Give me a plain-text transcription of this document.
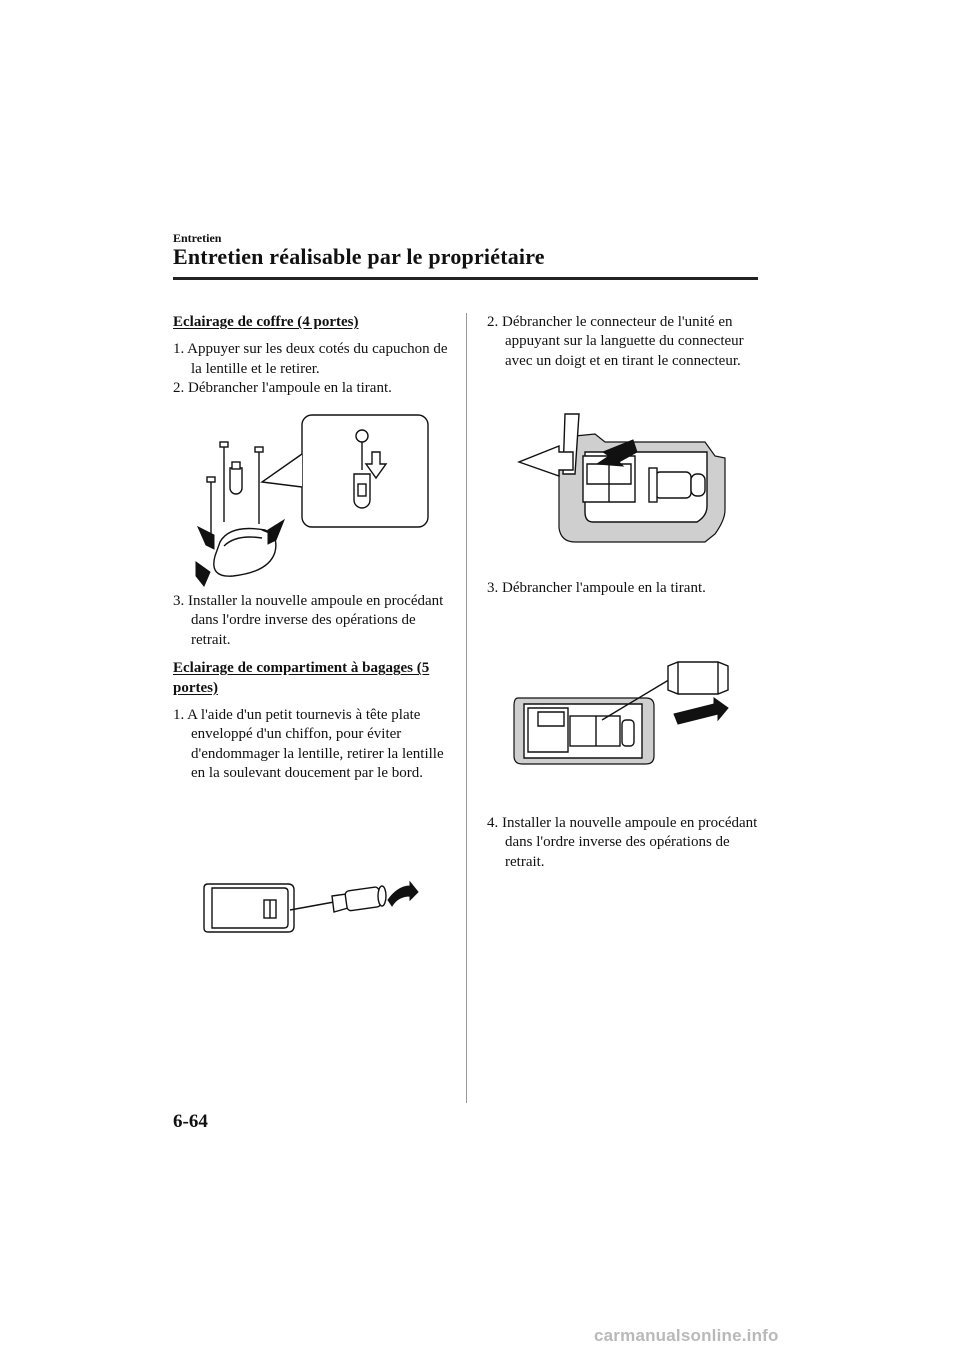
Entretien
Entretien réalisable par le propriétaire

Eclairage de coffre (4 portes)

1. Appuyer sur les deux cotés du capuchon de la lentille et le retirer.

2. Débrancher l'ampoule en la tirant.

3. Installer la nouvelle ampoule en procédant dans l'ordre inverse des opérations de retrait.

Eclairage de compartiment à bagages (5 portes)

1. A l'aide d'un petit tournevis à tête plate enveloppé d'un chiffon, pour éviter d'endommager la lentille, retirer la lentille en la soulevant doucement par le bord.

2. Débrancher le connecteur de l'unité en appuyant sur la languette du connecteur avec un doigt et en tirant le connecteur.

3. Débrancher l'ampoule en la tirant.

4. Installer la nouvelle ampoule en procédant dans l'ordre inverse des opérations de retrait.

6-64
carmanualsonline.info
